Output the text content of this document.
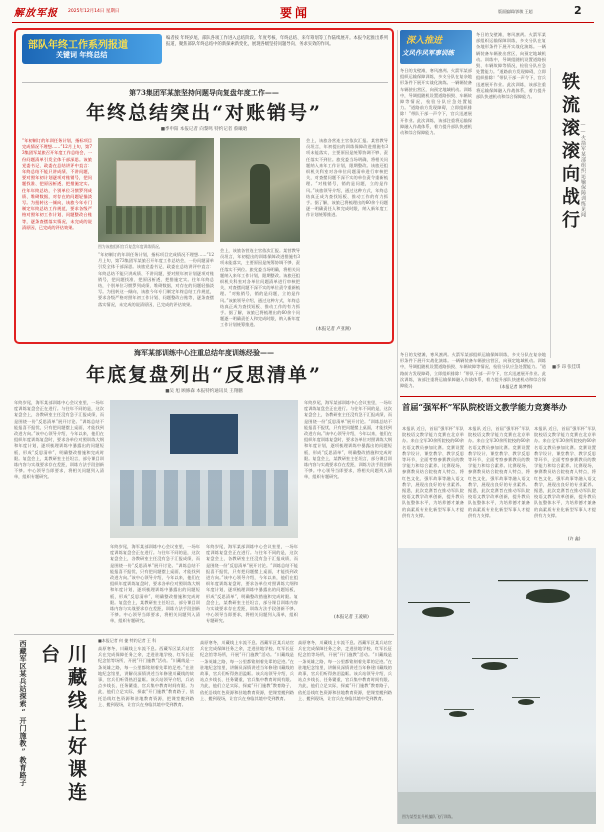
解放军报 2025年12月14日 星期日	要闻	版面编辑/郭敏 王超	2
部队年终工作系列报道
关键词 年终总结
编者按 年终岁尾，部队各项工作进入总结阶段。年度考核、年终总结、来年筹划等工作陆续展开。本报今起推出系列报道，聚焦部队年终总结中的新探索新变化，展现各级坚持问题导向、务求实效的作风。
第73集团军某旅坚持问题导向复盘年度工作——
年终总结突出“对账销号”
■季申阳 本报记者 向黎鸣 特约记者 蔡曦晗
“年初制订的年训任务计划，指标项目完成情况不理想……”12月上旬，第73集团军某旅召开年度工作总结会，一份问题清单引发全体干部深思。该旅党委书记、政委在总结讲评中直言：年终总结不能只讲成绩、不讲问题，要对照年初计划逐项对账销号，把问题找准、把原因析透、把措施定实。往年年终总结，个别单位习惯罗列成绩、堆砌数据，对存在的问题轻描淡写。为扭转这一倾向，该旅今年专门制定年终总结工作规范，要求各级严格对照年初工作计划、问题整改台账等，逐条查摆落实情况，未完成的说清原因，已完成的评估效果。
图为该旅组织官兵复盘年度训练情况。
“年初制订的年训任务计划，指标项目完成情况不理想……”12月上旬，第73集团军某旅召开年度工作总结会，一份问题清单引发全体干部深思。该旅党委书记、政委在总结讲评中直言：年终总结不能只讲成绩、不讲问题，要对照年初计划逐项对账销号，把问题找准、把原因析透、把措施定实。往年年终总结，个别单位习惯罗列成绩、堆砌数据，对存在的问题轻描淡写。为扭转这一倾向，该旅今年专门制定年终总结工作规范，要求各级严格对照年初工作计划、问题整改台账等，逐条查摆落实情况，未完成的说清原因，已完成的评估效果。
会上，该旅各营连主官依次汇报。某营教导员坦言，年初提出的训练保障改进措施有3项未能落实，主要原因是统筹协调不够、责任落实不到位。旅党委当场明确，将相关问题纳入来年工作计划，限期整改。该旅还组织机关科室对各单位问题清单进行审核把关，对查摆问题不深不实的单位责令重新梳理。“对账销号，销的是问题，立的是作风。”该旅领导介绍，通过这种方式，年终总结真正成为查找短板、推动工作的有力抓手。据了解，该旅已将梳理出的60余个问题逐一明确责任人和完成时限，纳入新年度工作计划统筹推进。
会上，该旅各营连主官依次汇报。某营教导员坦言，年初提出的训练保障改进措施有3项未能落实，主要原因是统筹协调不够、责任落实不到位。旅党委当场明确，将相关问题纳入来年工作计划，限期整改。该旅还组织机关科室对各单位问题清单进行审核把关，对查摆问题不深不实的单位责令重新梳理。“对账销号，销的是问题，立的是作风。”该旅领导介绍，通过这种方式，年终总结真正成为查找短板、推动工作的有力抓手。据了解，该旅已将梳理出的60余个问题逐一明确责任人和完成时限，纳入新年度工作计划统筹推进。
(本报记者 卢亚洲)
深入推进
文风作风军事训练
冬日的戈壁滩，寒风凛冽。火箭军某部组织运输保障训练，多支分队在复杂地形条件下展开实战化演练。一辆辆装备车辆驶出营区，向预定地域机动。训练中，导调组随机设置道路损毁、车辆故障等情况，检验分队应急处置能力。“道路前方发现障碍，立即组织排除！”带队干部一声令下，官兵迅速展开作业。此次训练，该部注重将运输保障融入作战体系，着力提升部队快速机动和综合保障能力。
冬日的戈壁滩，寒风凛冽。火箭军某部组织运输保障训练，多支分队在复杂地形条件下展开实战化演练。一辆辆装备车辆驶出营区，向预定地域机动。训练中，导调组随机设置道路损毁、车辆故障等情况，检验分队应急处置能力。“道路前方发现障碍，立即组织排除！”带队干部一声令下，官兵迅速展开作业。此次训练，该部注重将运输保障融入作战体系，着力提升部队快速机动和综合保障能力。	铁流滚滚向战行 ——火箭军某部组织运输保障训练见闻
■李 昂 张佳琪
冬日的戈壁滩，寒风凛冽。火箭军某部组织运输保障训练，多支分队在复杂地形条件下展开实战化演练。一辆辆装备车辆驶出营区，向预定地域机动。训练中，导调组随机设置道路损毁、车辆故障等情况，检验分队应急处置能力。“道路前方发现障碍，立即组织排除！”带队干部一声令下，官兵迅速展开作业。此次训练，该部注重将运输保障融入作战体系，着力提升部队快速机动和综合保障能力。	(本报记者 陈梦烨)
海军某部训练中心注重总结年度训练经验——
年底复盘列出“反思清单”
■吴 旭 顾修森 本报特约通讯员 王翔鹏
年终岁尾，海军某部训练中心会议室里，一场年度训练复盘会正在进行。与往年不同的是，这次复盘会上，各教研室主任没有急于汇报成绩，而是围绕一份“反思清单”展开讨论。“训练总结不能报喜不报忧，只有把问题摆上桌面，才能找到改进方向。”该中心领导介绍，今年以来，他们在组织年度训练复盘时，要求各单位对照训练大纲和年度计划，逐项梳理训练中暴露出的问题短板，形成“反思清单”，明确整改措施和完成时限。复盘会上，某教研室主任坦言，部分课目训练内容与实战要求存在差距，训练方法手段创新不够。中心领导当即要求，将相关问题列入清单，组织专题研究。
年终岁尾，海军某部训练中心会议室里，一场年度训练复盘会正在进行。与往年不同的是，这次复盘会上，各教研室主任没有急于汇报成绩，而是围绕一份“反思清单”展开讨论。“训练总结不能报喜不报忧，只有把问题摆上桌面，才能找到改进方向。”该中心领导介绍，今年以来，他们在组织年度训练复盘时，要求各单位对照训练大纲和年度计划，逐项梳理训练中暴露出的问题短板，形成“反思清单”，明确整改措施和完成时限。复盘会上，某教研室主任坦言，部分课目训练内容与实战要求存在差距，训练方法手段创新不够。中心领导当即要求，将相关问题列入清单，组织专题研究。
年终岁尾，海军某部训练中心会议室里，一场年度训练复盘会正在进行。与往年不同的是，这次复盘会上，各教研室主任没有急于汇报成绩，而是围绕一份“反思清单”展开讨论。“训练总结不能报喜不报忧，只有把问题摆上桌面，才能找到改进方向。”该中心领导介绍，今年以来，他们在组织年度训练复盘时，要求各单位对照训练大纲和年度计划，逐项梳理训练中暴露出的问题短板，形成“反思清单”，明确整改措施和完成时限。复盘会上，某教研室主任坦言，部分课目训练内容与实战要求存在差距，训练方法手段创新不够。中心领导当即要求，将相关问题列入清单，组织专题研究。
年终岁尾，海军某部训练中心会议室里，一场年度训练复盘会正在进行。与往年不同的是，这次复盘会上，各教研室主任没有急于汇报成绩，而是围绕一份“反思清单”展开讨论。“训练总结不能报喜不报忧，只有把问题摆上桌面，才能找到改进方向。”该中心领导介绍，今年以来，他们在组织年度训练复盘时，要求各单位对照训练大纲和年度计划，逐项梳理训练中暴露出的问题短板，形成“反思清单”，明确整改措施和完成时限。复盘会上，某教研室主任坦言，部分课目训练内容与实战要求存在差距，训练方法手段创新不够。中心领导当即要求，将相关问题列入清单，组织专题研究。
(本报记者 王凌硕)
首届“强军杯”军队院校语文教学能力竞赛举办
本报讯 近日，首届“强军杯”军队院校语文教学能力竞赛在北京举办。来自全军30余所院校的60余名语文教员参加比赛。竞赛设置教学设计、课堂教学、教学反思等环节，全面考察参赛教员的教学能力和综合素养。比赛现场，参赛教员结合院校育人特点，将红色文化、强军故事等融入语文教学，展现出良好的专业素养。据悉，此次竞赛旨在推动军队院校语文教学改革创新，提升教员队伍整体水平，为培养德才兼备的高素质专业化新型军事人才提供有力支撑。
本报讯 近日，首届“强军杯”军队院校语文教学能力竞赛在北京举办。来自全军30余所院校的60余名语文教员参加比赛。竞赛设置教学设计、课堂教学、教学反思等环节，全面考察参赛教员的教学能力和综合素养。比赛现场，参赛教员结合院校育人特点，将红色文化、强军故事等融入语文教学，展现出良好的专业素养。据悉，此次竞赛旨在推动军队院校语文教学改革创新，提升教员队伍整体水平，为培养德才兼备的高素质专业化新型军事人才提供有力支撑。
本报讯 近日，首届“强军杯”军队院校语文教学能力竞赛在北京举办。来自全军30余所院校的60余名语文教员参加比赛。竞赛设置教学设计、课堂教学、教学反思等环节，全面考察参赛教员的教学能力和综合素养。比赛现场，参赛教员结合院校育人特点，将红色文化、强军故事等融入语文教学，展现出良好的专业素养。据悉，此次竞赛旨在推动军队院校语文教学改革创新，提升教员队伍整体水平，为培养德才兼备的高素质专业化新型军事人才提供有力支撑。
(许 鑫)
西藏军区某兵站探索“开门施教”教育路子	川藏线上好课连台
■本报记者 何 捷 特约记者 王 科
高原寒冬，川藏线上车流不息。西藏军区某兵站官兵在完成保障任务之余，走进驻地学校、红军长征纪念馆等场所，开展“开门施教”活动。“川藏线是一条英雄之路，每一公里都铭刻着先辈的足迹。”在驻地纪念馆里，讲解员深情讲述当年修建川藏线的故事，官兵们听得热泪盈眶。该兵站领导介绍，兵站点多线长、任务繁重，官兵集中教育时间有限。为此，他们立足实际，探索“开门施教”教育路子，依托沿线红色资源和驻地教育资源，把课堂搬到路上、搬到现场，让官兵在身临其境中受到教育。
高原寒冬，川藏线上车流不息。西藏军区某兵站官兵在完成保障任务之余，走进驻地学校、红军长征纪念馆等场所，开展“开门施教”活动。“川藏线是一条英雄之路，每一公里都铭刻着先辈的足迹。”在驻地纪念馆里，讲解员深情讲述当年修建川藏线的故事，官兵们听得热泪盈眶。该兵站领导介绍，兵站点多线长、任务繁重，官兵集中教育时间有限。为此，他们立足实际，探索“开门施教”教育路子，依托沿线红色资源和驻地教育资源，把课堂搬到路上、搬到现场，让官兵在身临其境中受到教育。
高原寒冬，川藏线上车流不息。西藏军区某兵站官兵在完成保障任务之余，走进驻地学校、红军长征纪念馆等场所，开展“开门施教”活动。“川藏线是一条英雄之路，每一公里都铭刻着先辈的足迹。”在驻地纪念馆里，讲解员深情讲述当年修建川藏线的故事，官兵们听得热泪盈眶。该兵站领导介绍，兵站点多线长、任务繁重，官兵集中教育时间有限。为此，他们立足实际，探索“开门施教”教育路子，依托沿线红色资源和驻地教育资源，把课堂搬到路上、搬到现场，让官兵在身临其境中受到教育。
图为某型直升机编队飞行训练。
